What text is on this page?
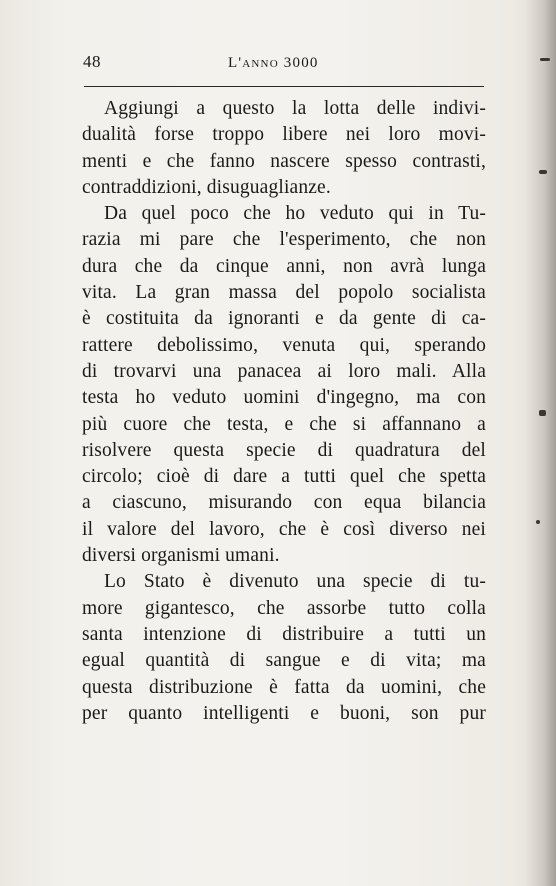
48	L'anno 3000
Aggiungi a questo la lotta delle indivi-
dualità forse troppo libere nei loro movi-
menti e che fanno nascere spesso contrasti,
contraddizioni, disuguaglianze.
Da quel poco che ho veduto qui in Tu-
razia mi pare che l'esperimento, che non
dura che da cinque anni, non avrà lunga
vita. La gran massa del popolo socialista
è costituita da ignoranti e da gente di ca-
rattere debolissimo, venuta qui, sperando
di trovarvi una panacea ai loro mali. Alla
testa ho veduto uomini d'ingegno, ma con
più cuore che testa, e che si affannano a
risolvere questa specie di quadratura del
circolo; cioè di dare a tutti quel che spetta
a ciascuno, misurando con equa bilancia
il valore del lavoro, che è così diverso nei
diversi organismi umani.
Lo Stato è divenuto una specie di tu-
more gigantesco, che assorbe tutto colla
santa intenzione di distribuire a tutti un
egual quantità di sangue e di vita; ma
questa distribuzione è fatta da uomini, che
per quanto intelligenti e buoni, son pur
